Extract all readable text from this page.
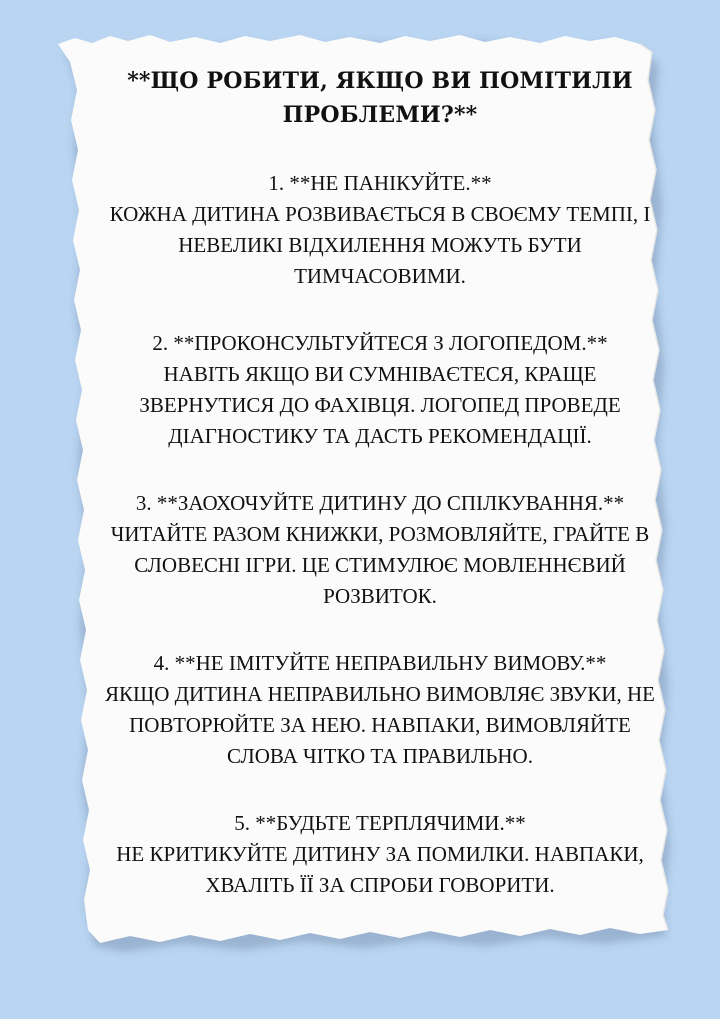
**ЩО РОБИТИ, ЯКЩО ВИ ПОМІТИЛИ
ПРОБЛЕМИ?**
1. **НЕ ПАНІКУЙТЕ.**
КОЖНА ДИТИНА РОЗВИВАЄТЬСЯ В СВОЄМУ ТЕМПІ, І НЕВЕЛИКІ ВІДХИЛЕННЯ МОЖУТЬ БУТИ ТИМЧАСОВИМИ.
2. **ПРОКОНСУЛЬТУЙТЕСЯ З ЛОГОПЕДОМ.**
НАВІТЬ ЯКЩО ВИ СУМНІВАЄТЕСЯ, КРАЩЕ ЗВЕРНУТИСЯ ДО ФАХІВЦЯ. ЛОГОПЕД ПРОВЕДЕ ДІАГНОСТИКУ ТА ДАСТЬ РЕКОМЕНДАЦІЇ.
3. **ЗАОХОЧУЙТЕ ДИТИНУ ДО СПІЛКУВАННЯ.**
ЧИТАЙТЕ РАЗОМ КНИЖКИ, РОЗМОВЛЯЙТЕ, ГРАЙТЕ В СЛОВЕСНІ ІГРИ. ЦЕ СТИМУЛЮЄ МОВЛЕННЄВИЙ РОЗВИТОК.
4. **НЕ ІМІТУЙТЕ НЕПРАВИЛЬНУ ВИМОВУ.**
ЯКЩО ДИТИНА НЕПРАВИЛЬНО ВИМОВЛЯЄ ЗВУКИ, НЕ ПОВТОРЮЙТЕ ЗА НЕЮ. НАВПАКИ, ВИМОВЛЯЙТЕ СЛОВА ЧІТКО ТА ПРАВИЛЬНО.
5. **БУДЬТЕ ТЕРПЛЯЧИМИ.**
НЕ КРИТИКУЙТЕ ДИТИНУ ЗА ПОМИЛКИ. НАВПАКИ, ХВАЛІТЬ ЇЇ ЗА СПРОБИ ГОВОРИТИ.
